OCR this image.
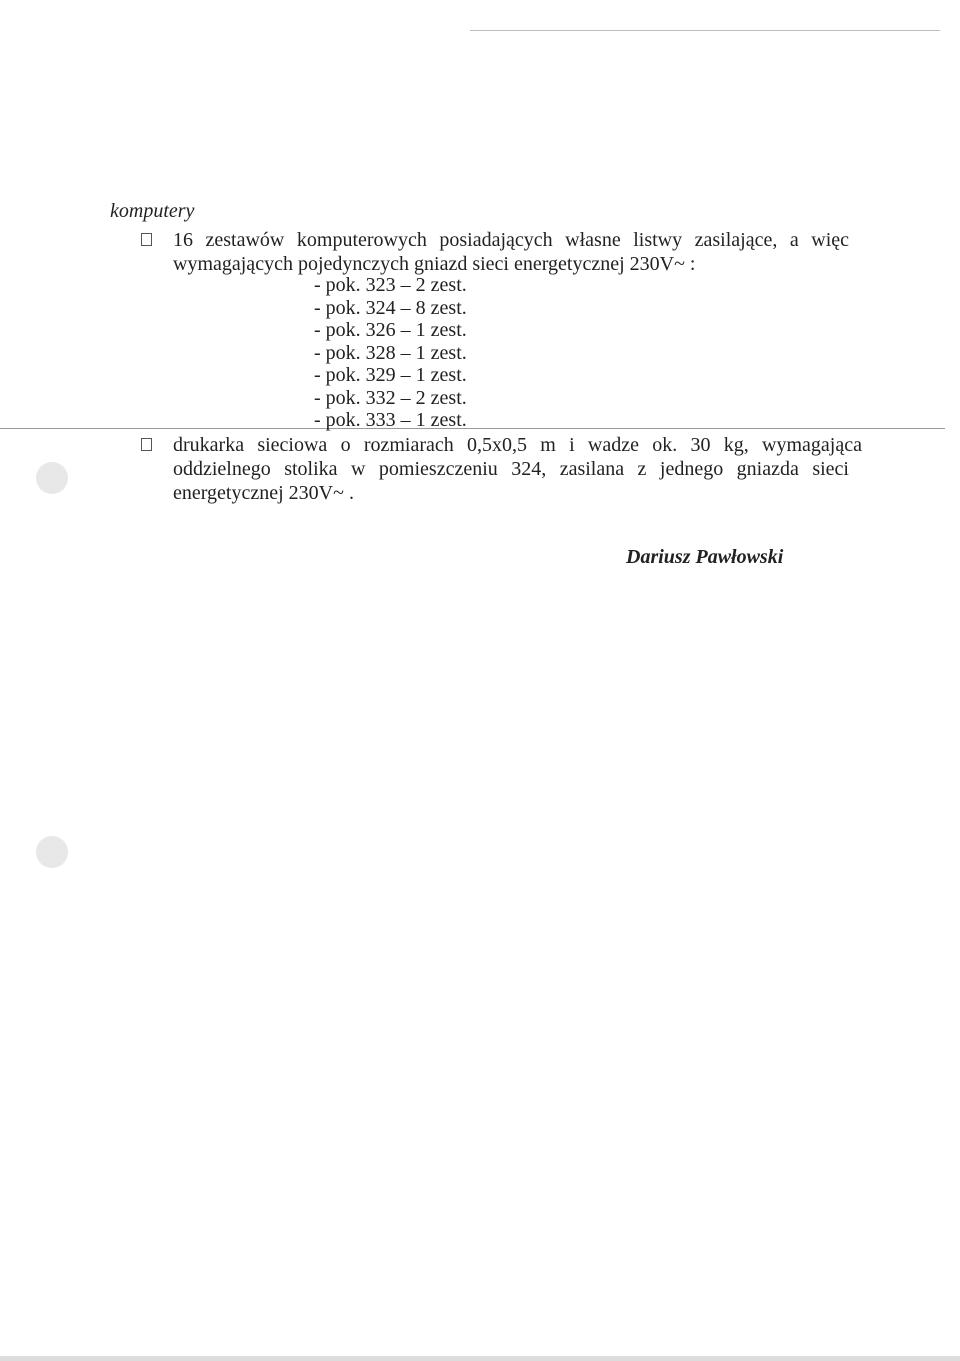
komputery

16 zestawów komputerowych posiadających własne listwy zasilające, a więc

wymagających pojedynczych gniazd sieci energetycznej 230V~ :

- pok. 323 – 2 zest.
- pok. 324 – 8 zest.
- pok. 326 – 1 zest.
- pok. 328 – 1 zest.
- pok. 329 – 1 zest.
- pok. 332 – 2 zest.
- pok. 333 – 1 zest.

drukarka sieciowa o rozmiarach 0,5x0,5 m i wadze ok. 30 kg, wymagająca

oddzielnego stolika w pomieszczeniu 324, zasilana z jednego gniazda sieci

energetycznej 230V~ .

Dariusz Pawłowski
